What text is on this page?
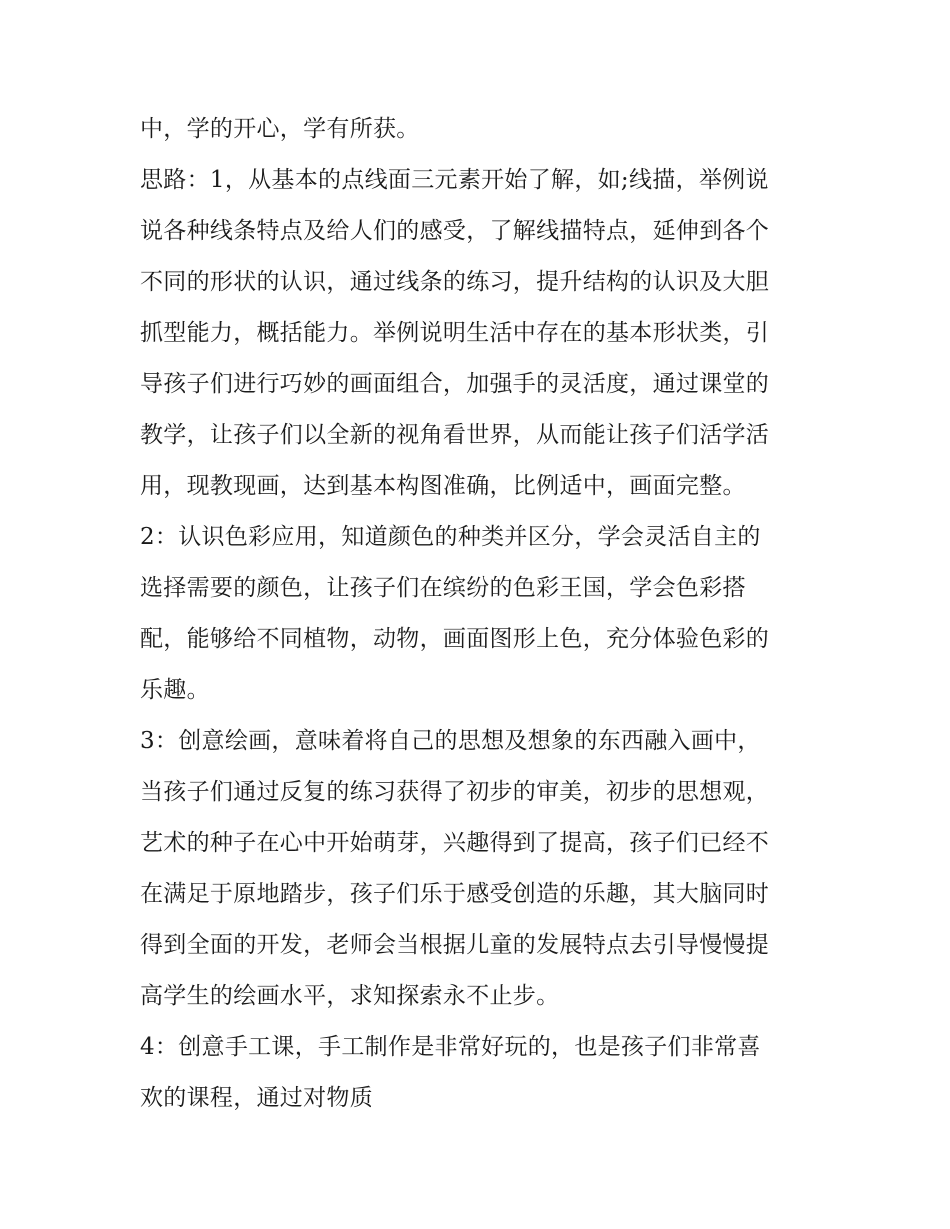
中，学的开心，学有所获。
思路：1，从基本的点线面三元素开始了解，如;线描，举例说
说各种线条特点及给人们的感受，了解线描特点，延伸到各个
不同的形状的认识，通过线条的练习，提升结构的认识及大胆
抓型能力，概括能力。举例说明生活中存在的基本形状类，引
导孩子们进行巧妙的画面组合，加强手的灵活度，通过课堂的
教学，让孩子们以全新的视角看世界，从而能让孩子们活学活
用，现教现画，达到基本构图准确，比例适中，画面完整。
2：认识色彩应用，知道颜色的种类并区分，学会灵活自主的
选择需要的颜色，让孩子们在缤纷的色彩王国，学会色彩搭
配，能够给不同植物，动物，画面图形上色，充分体验色彩的
乐趣。
3：创意绘画，意味着将自己的思想及想象的东西融入画中，
当孩子们通过反复的练习获得了初步的审美，初步的思想观，
艺术的种子在心中开始萌芽，兴趣得到了提高，孩子们已经不
在满足于原地踏步，孩子们乐于感受创造的乐趣，其大脑同时
得到全面的开发，老师会当根据儿童的发展特点去引导慢慢提
高学生的绘画水平，求知探索永不止步。
4：创意手工课，手工制作是非常好玩的，也是孩子们非常喜
欢的课程，通过对物质
